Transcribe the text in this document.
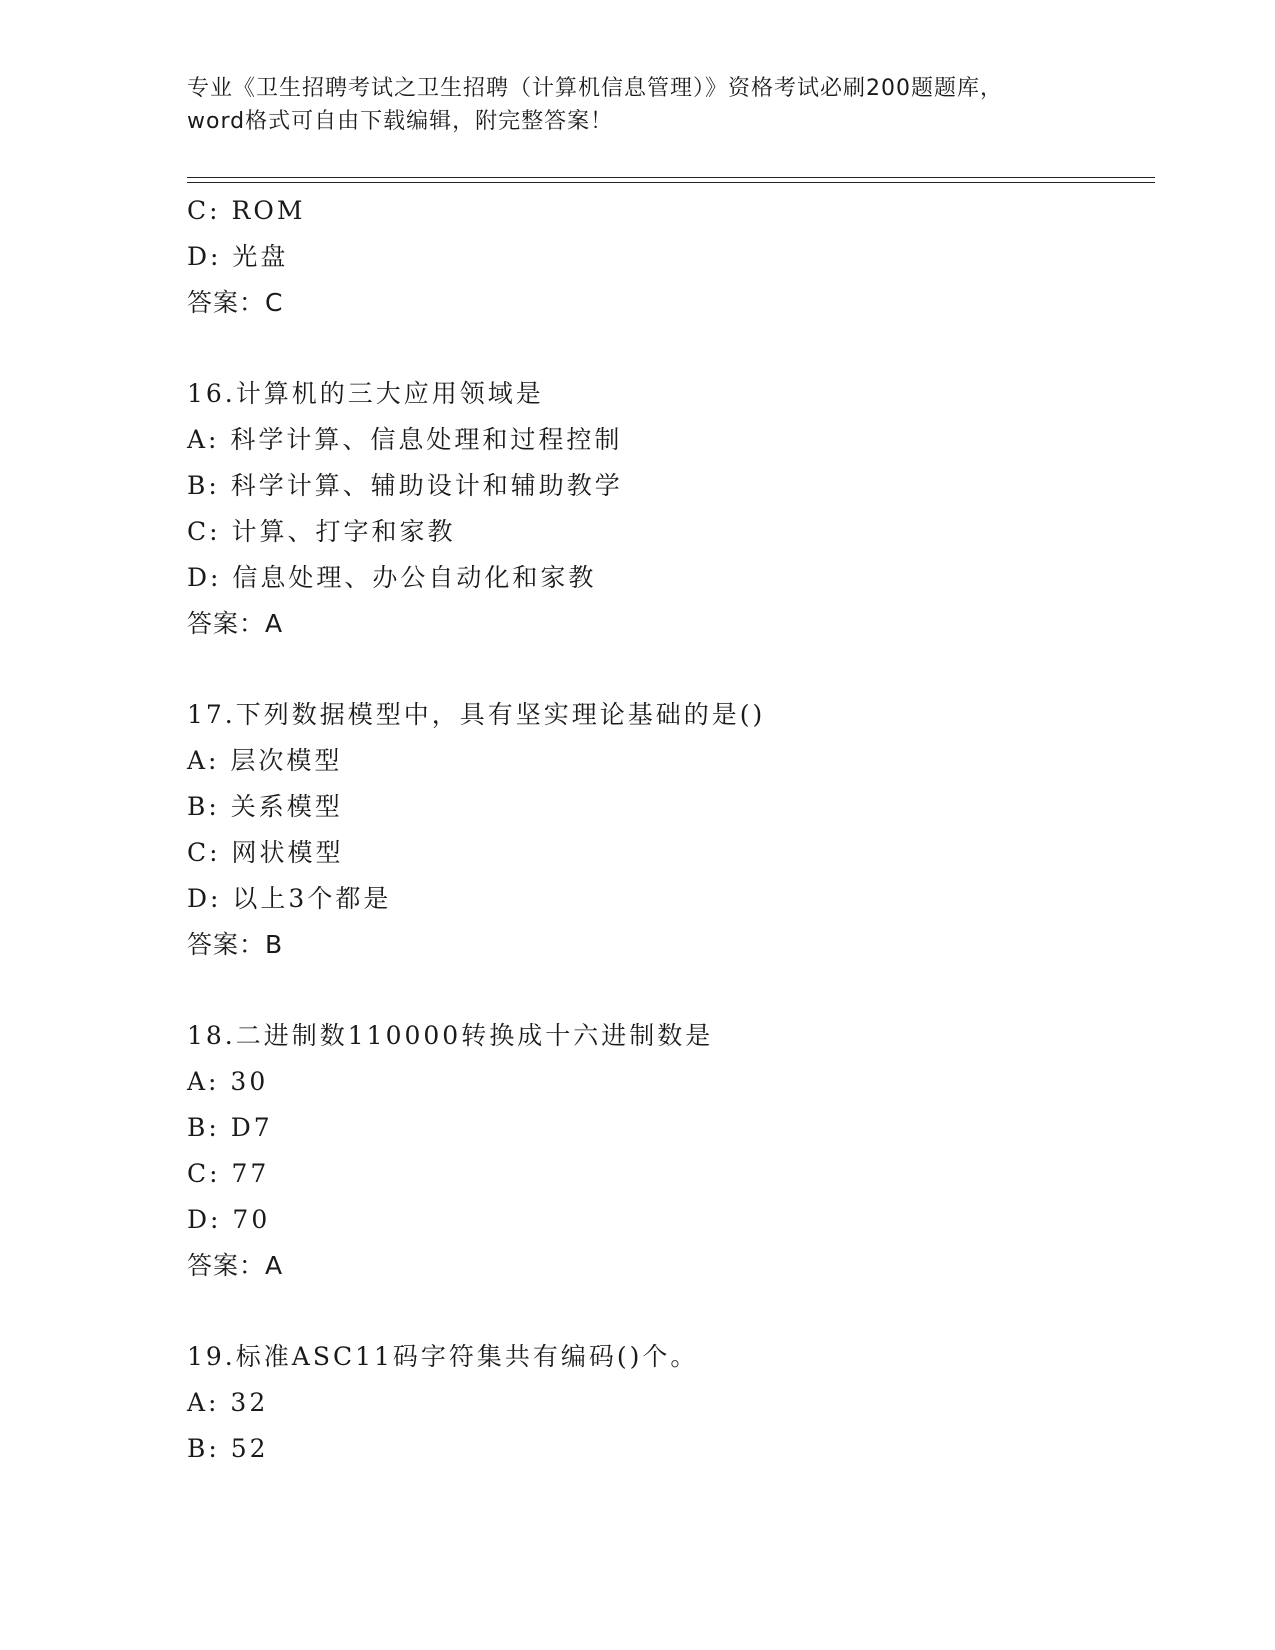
专业《卫生招聘考试之卫生招聘（计算机信息管理）》资格考试必刷200题题库，
word格式可自由下载编辑，附完整答案！
C: ROM
D: 光盘
答案：C
16.计算机的三大应用领域是
A: 科学计算、信息处理和过程控制
B: 科学计算、辅助设计和辅助教学
C: 计算、打字和家教
D: 信息处理、办公自动化和家教
答案：A
17.下列数据模型中，具有坚实理论基础的是()
A: 层次模型
B: 关系模型
C: 网状模型
D: 以上3个都是
答案：B
18.二进制数110000转换成十六进制数是
A: 30
B: D7
C: 77
D: 70
答案：A
19.标准ASC11码字符集共有编码()个。
A: 32
B: 52
